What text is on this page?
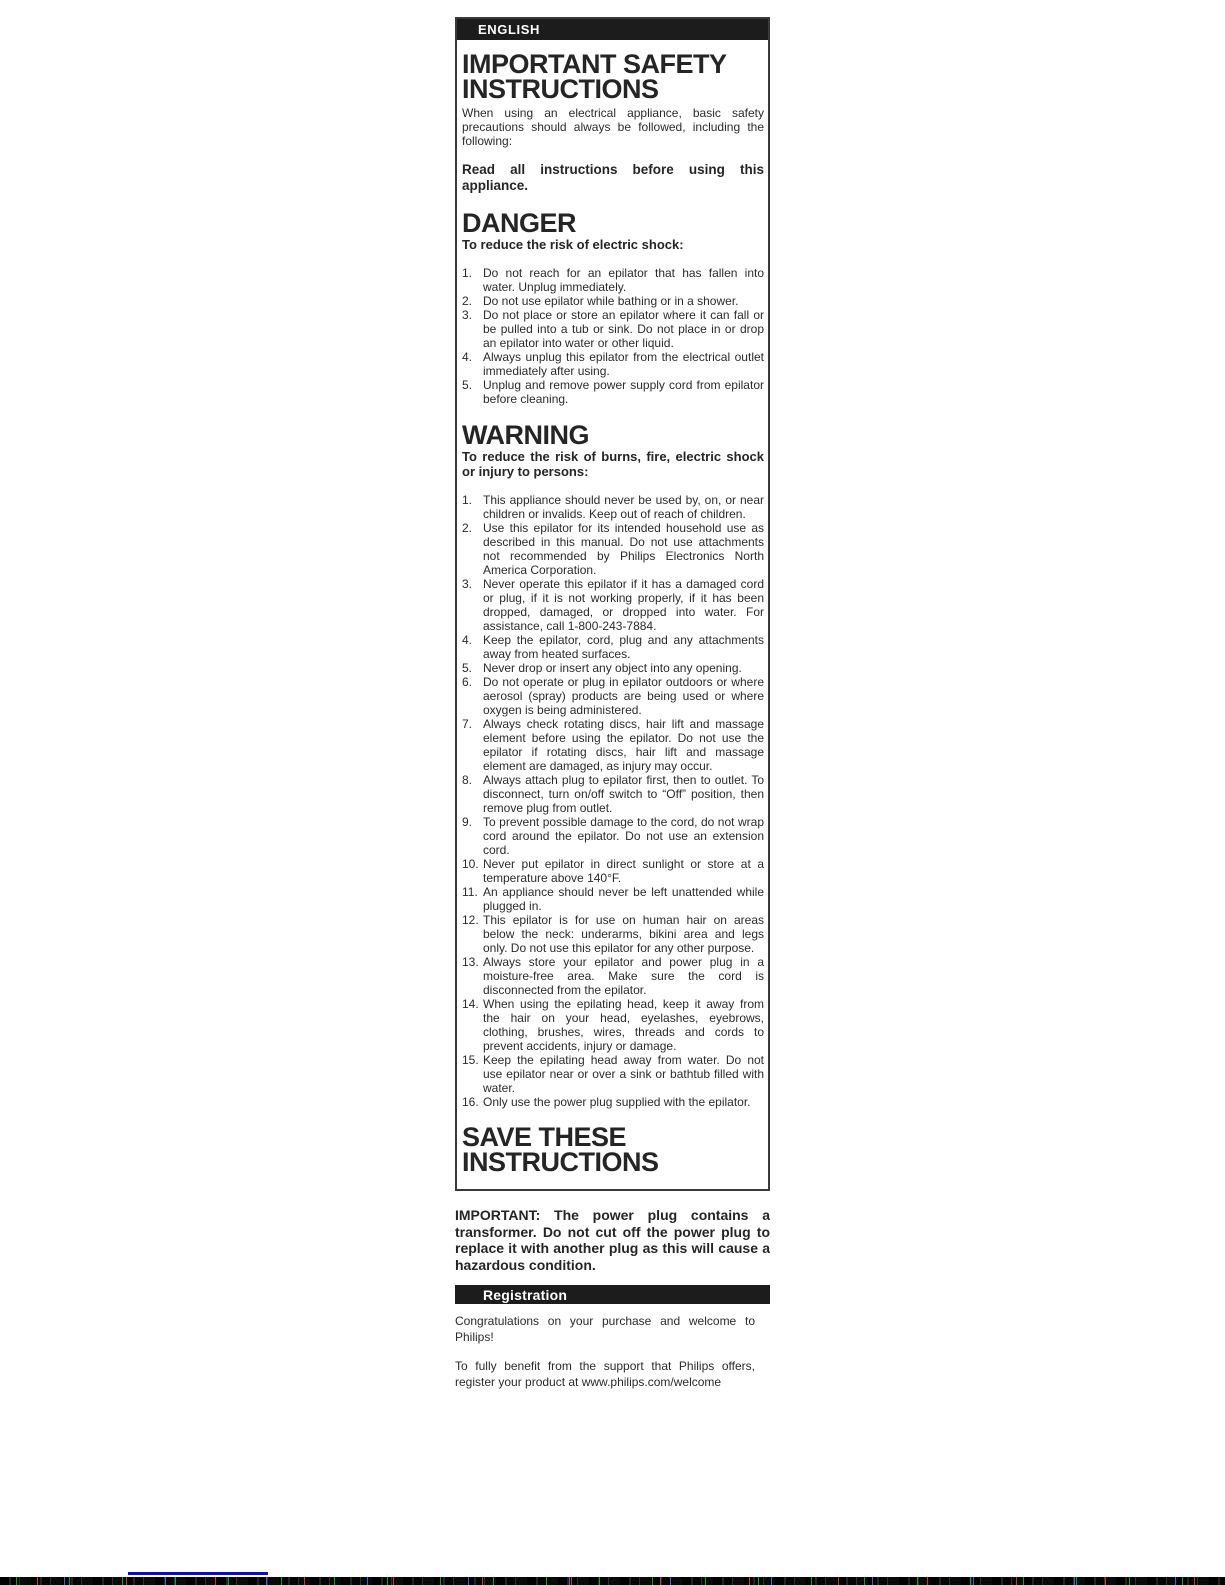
ENGLISH
IMPORTANT SAFETY INSTRUCTIONS

When using an electrical appliance, basic safety precautions should always be followed, including the following:

Read all instructions before using this appliance.

DANGER

To reduce the risk of electric shock:

1. Do not reach for an epilator that has fallen into water. Unplug immediately.
2. Do not use epilator while bathing or in a shower.
3. Do not place or store an epilator where it can fall or be pulled into a tub or sink. Do not place in or drop an epilator into water or other liquid.
4. Always unplug this epilator from the electrical outlet immediately after using.
5. Unplug and remove power supply cord from epilator before cleaning.
WARNING

To reduce the risk of burns, fire, electric shock or injury to persons:

1. This appliance should never be used by, on, or near children or invalids. Keep out of reach of children.
2. Use this epilator for its intended household use as described in this manual. Do not use attachments not recommended by Philips Electronics North America Corporation.
3. Never operate this epilator if it has a damaged cord or plug, if it is not working properly, if it has been dropped, damaged, or dropped into water. For assistance, call 1-800-243-7884.
4. Keep the epilator, cord, plug and any attachments away from heated surfaces.
5. Never drop or insert any object into any opening.
6. Do not operate or plug in epilator outdoors or where aerosol (spray) products are being used or where oxygen is being administered.
7. Always check rotating discs, hair lift and massage element before using the epilator. Do not use the epilator if rotating discs, hair lift and massage element are damaged, as injury may occur.
8. Always attach plug to epilator first, then to outlet. To disconnect, turn on/off switch to “Off” position, then remove plug from outlet.
9. To prevent possible damage to the cord, do not wrap cord around the epilator. Do not use an extension cord.
10. Never put epilator in direct sunlight or store at a temperature above 140°F.
11. An appliance should never be left unattended while plugged in.
12. This epilator is for use on human hair on areas below the neck: underarms, bikini area and legs only. Do not use this epilator for any other purpose.
13. Always store your epilator and power plug in a moisture-free area. Make sure the cord is disconnected from the epilator.
14. When using the epilating head, keep it away from the hair on your head, eyelashes, eyebrows, clothing, brushes, wires, threads and cords to prevent accidents, injury or damage.
15. Keep the epilating head away from water. Do not use epilator near or over a sink or bathtub filled with water.
16. Only use the power plug supplied with the epilator.
SAVE THESE INSTRUCTIONS

IMPORTANT: The power plug contains a transformer. Do not cut off the power plug to replace it with another plug as this will cause a hazardous condition.

Registration

Congratulations on your purchase and welcome to Philips!

To fully benefit from the support that Philips offers, register your product at www.philips.com/welcome
